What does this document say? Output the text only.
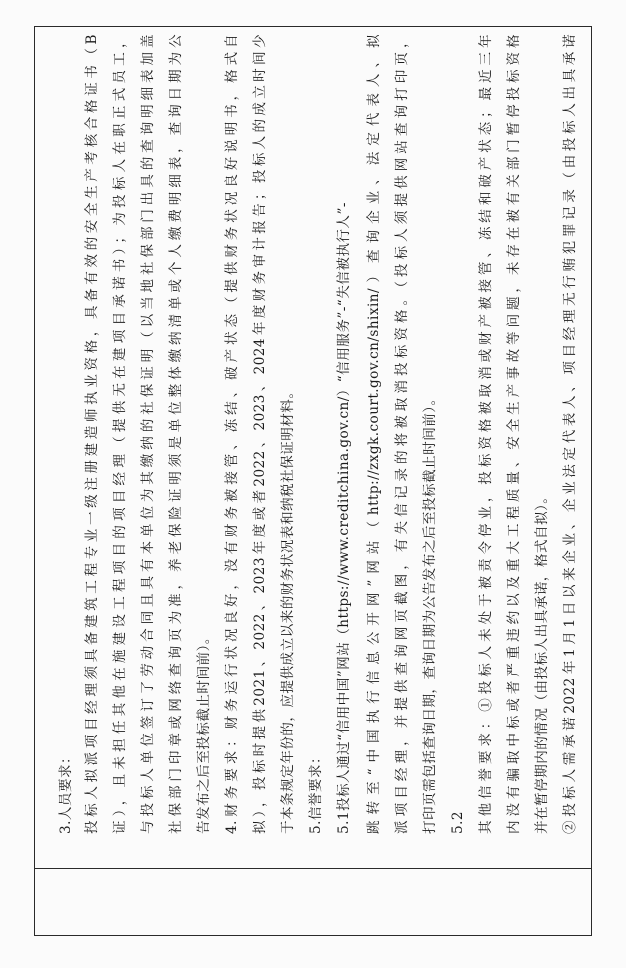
3.人员要求： 投标人拟派项目经理须具备建筑工程专业一级注册建造师执业资格，具备有效的安全生产考核合格证书（B 证），且未担任其他在施建设工程项目的项目经理（提供无在建项目承诺书）；为投标人在职正式员工， 与投标人单位签订了劳动合同且具有本单位为其缴纳的社保证明（以当地社保部门出具的查询明细表加盖 社保部门印章或网络查询页为准，养老保险证明须是单位整体缴纳清单或个人缴费明细表，查询日期为公 告发布之后至投标截止时间前）。 4.财务要求：财务运行状况良好，没有财务被接管、冻结、破产状态（提供财务状况良好说明书，格式自 拟），投标时提供2021、2022、2023年度或者2022、2023、2024年度财务审计报告；投标人的成立时间少 于本条规定年份的，应提供成立以来的财务状况表和纳税社保证明材料。 5.信誉要求： 5.1投标人通过“信用中国”网站（https://www.creditchina.gov.cn/）“信用服务”-“失信被执行人”-	跳转至“中国执行信息公开网”网站（http://zxgk.court.gov.cn/shixin/）查询企业、法定代表人、拟 派项目经理，并提供查询网页截图，有失信记录的将被取消投标资格。（投标人须提供网站查询打印页， 打印页需包括查询日期，查询日期为公告发布之后至投标截止时间前）。 5.2 其他信誉要求：①投标人未处于被责令停业，投标资格被取消或财产被接管、冻结和破产状态；最近三年 内没有骗取中标或者严重违约以及重大工程质量、安全生产事故等问题，未存在被有关部门暂停投标资格 并在暂停期内的情况（由投标人出具承诺，格式自拟）。 ②投标人需承诺2022年1月1日以来企业、企业法定代表人、项目经理无行贿犯罪记录（由投标人出具承诺
